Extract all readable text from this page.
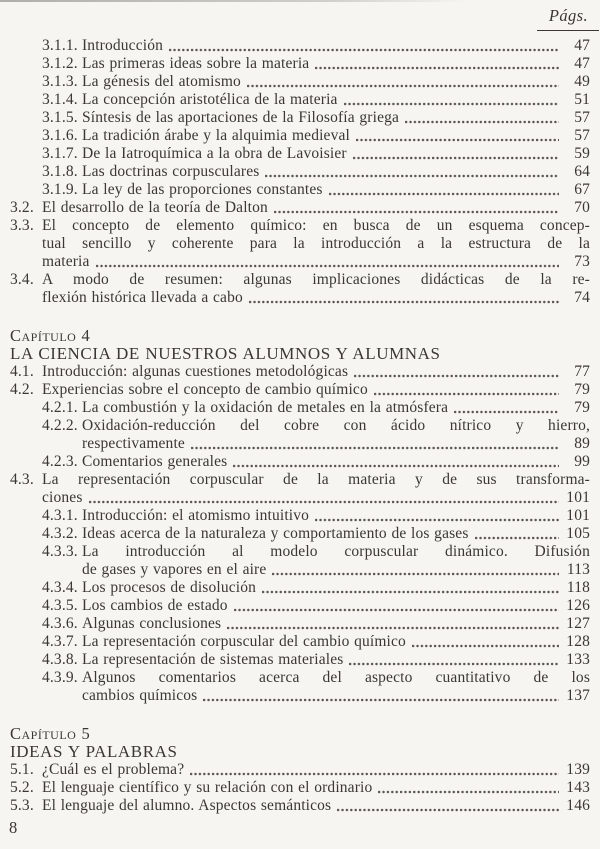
Págs.
3.1.1. Introducción	47
3.1.2. Las primeras ideas sobre la materia	47
3.1.3. La génesis del atomismo	49
3.1.4. La concepción aristotélica de la materia	51
3.1.5. Síntesis de las aportaciones de la Filosofía griega	57
3.1.6. La tradición árabe y la alquimia medieval	57
3.1.7. De la Iatroquímica a la obra de Lavoisier	59
3.1.8. Las doctrinas corpusculares	64
3.1.9. La ley de las proporciones constantes	67
3.2. El desarrollo de la teoría de Dalton	70
3.3. El concepto de elemento químico: en busca de un esquema concep-
tual sencillo y coherente para la introducción a la estructura de la
materia	73
3.4. A modo de resumen: algunas implicaciones didácticas de la re-
flexión histórica llevada a cabo	74
Capítulo 4
LA CIENCIA DE NUESTROS ALUMNOS Y ALUMNAS
4.1. Introducción: algunas cuestiones metodológicas	77
4.2. Experiencias sobre el concepto de cambio químico	79
4.2.1. La combustión y la oxidación de metales en la atmósfera	79
4.2.2. Oxidación-reducción del cobre con ácido nítrico y hierro,
respectivamente	89
4.2.3. Comentarios generales	99
4.3. La representación corpuscular de la materia y de sus transforma-
ciones	101
4.3.1. Introducción: el atomismo intuitivo	101
4.3.2. Ideas acerca de la naturaleza y comportamiento de los gases	105
4.3.3. La introducción al modelo corpuscular dinámico. Difusión
de gases y vapores en el aire	113
4.3.4. Los procesos de disolución	118
4.3.5. Los cambios de estado	126
4.3.6. Algunas conclusiones	127
4.3.7. La representación corpuscular del cambio químico	128
4.3.8. La representación de sistemas materiales	133
4.3.9. Algunos comentarios acerca del aspecto cuantitativo de los
cambios químicos	137
Capítulo 5
IDEAS Y PALABRAS
5.1. ¿Cuál es el problema?	139
5.2. El lenguaje científico y su relación con el ordinario	143
5.3. El lenguaje del alumno. Aspectos semánticos	146
8
